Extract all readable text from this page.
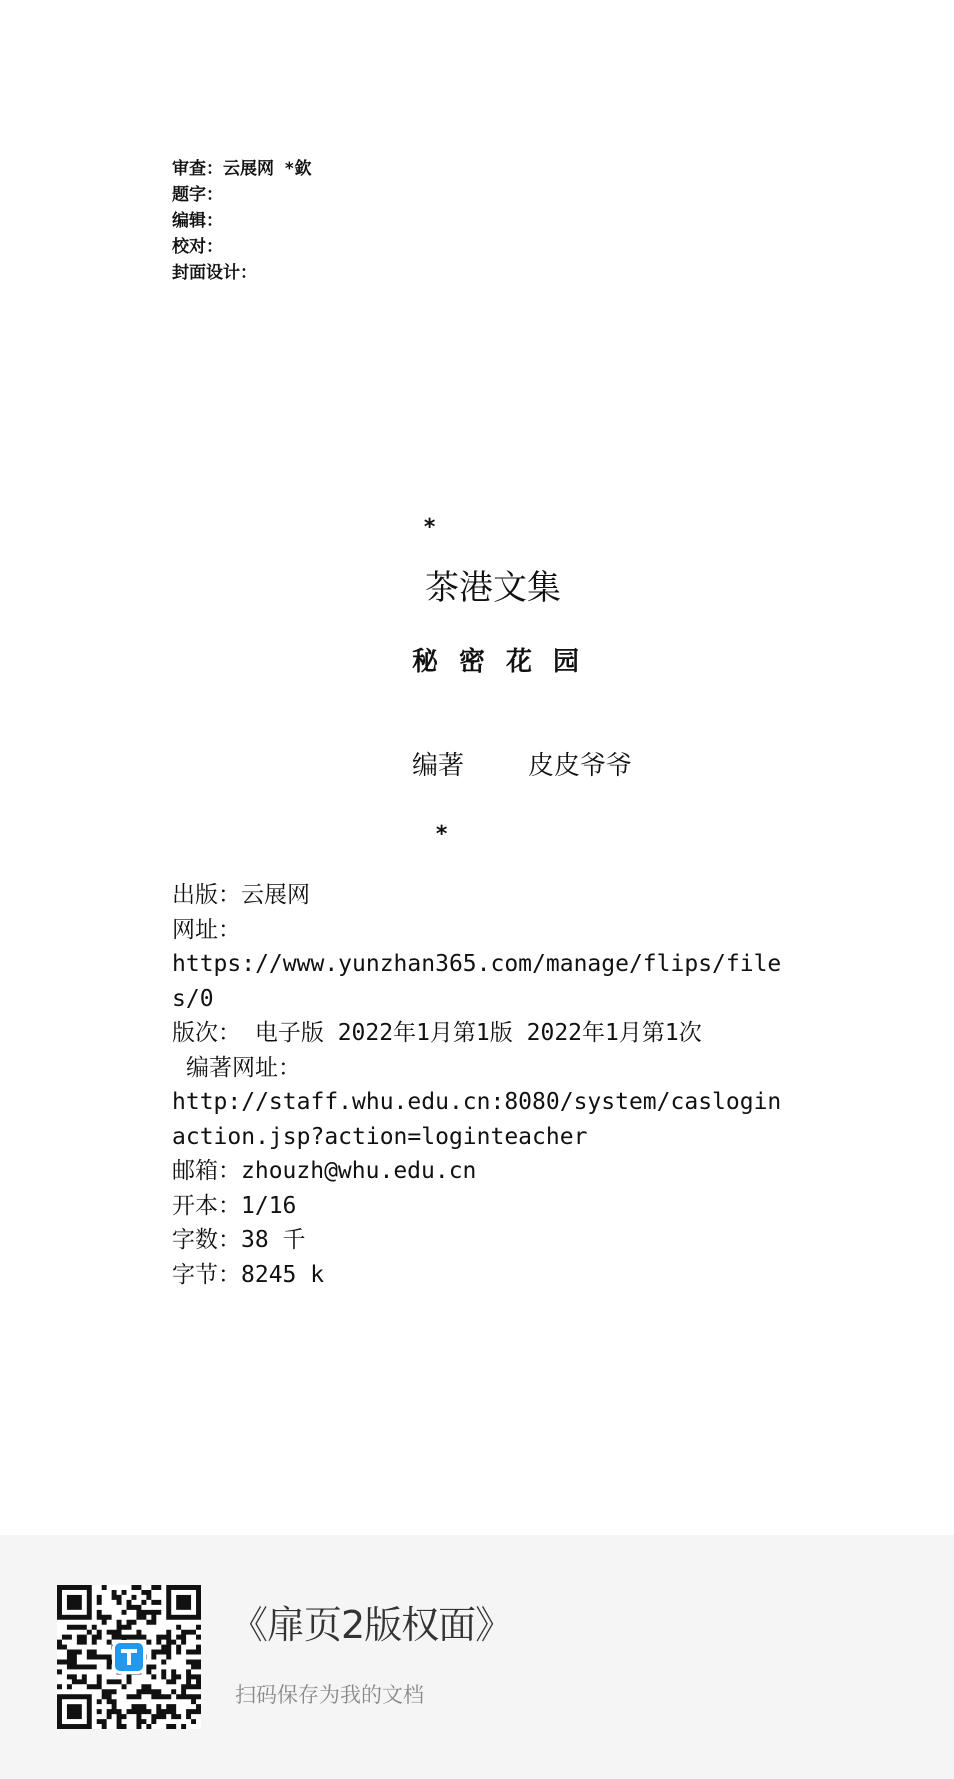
审查：云展网 *欽
题字：
编辑：
校对：
封面设计：
*
茶港文集
秘密花园
编著 皮皮爷爷
*
出版：云展网
网址：
https://www.yunzhan365.com/manage/flips/files/0
版次： 电子版 2022年1月第1版 2022年1月第1次
编著网址：
http://staff.whu.edu.cn:8080/system/casloginaction.jsp?action=loginteacher
邮箱：zhouzh@whu.edu.cn
开本：1/16
字数：38 千
字节：8245 k
《扉页2版权面》
扫码保存为我的文档
